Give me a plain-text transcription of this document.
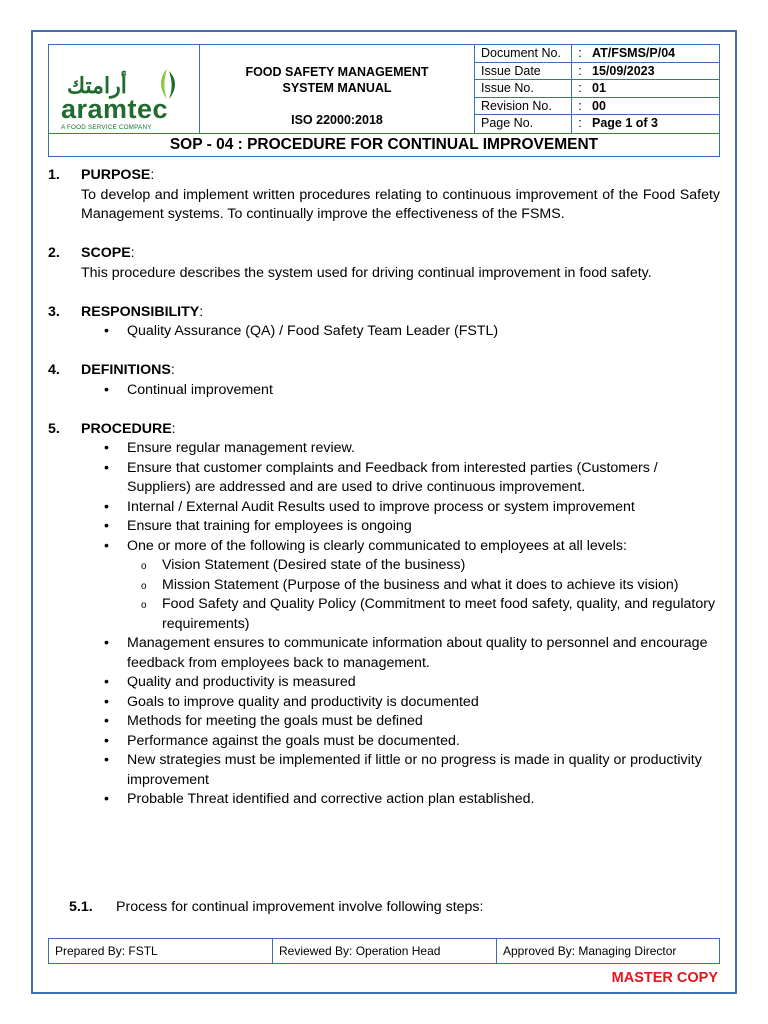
أرامتك
aramtec
A FOOD SERVICE COMPANY
FOOD SAFETY MANAGEMENT
SYSTEM MANUAL
ISO 22000:2018
Document No.	: AT/FSMS/P/04
Issue Date	: 15/09/2023
Issue No.	: 01
Revision No.	: 00
Page No.	: Page 1 of 3
SOP - 04 : PROCEDURE FOR CONTINUAL IMPROVEMENT
1. PURPOSE:
To develop and implement written procedures relating to continuous improvement of the Food Safety Management systems. To continually improve the effectiveness of the FSMS.
2. SCOPE:
This procedure describes the system used for driving continual improvement in food safety.
3. RESPONSIBILITY:
• Quality Assurance (QA) / Food Safety Team Leader (FSTL)
4. DEFINITIONS:
• Continual improvement
5. PROCEDURE:
• Ensure regular management review.
• Ensure that customer complaints and Feedback from interested parties (Customers / Suppliers) are addressed and are used to drive continuous improvement.
• Internal / External Audit Results used to improve process or system improvement
• Ensure that training for employees is ongoing
• One or more of the following is clearly communicated to employees at all levels:
o Vision Statement (Desired state of the business)
o Mission Statement (Purpose of the business and what it does to achieve its vision)
o Food Safety and Quality Policy (Commitment to meet food safety, quality, and regulatory requirements)
• Management ensures to communicate information about quality to personnel and encourage feedback from employees back to management.
• Quality and productivity is measured
• Goals to improve quality and productivity is documented
• Methods for meeting the goals must be defined
• Performance against the goals must be documented.
• New strategies must be implemented if little or no progress is made in quality or productivity improvement
• Probable Threat identified and corrective action plan established.
5.1. Process for continual improvement involve following steps:
Prepared By: FSTL	Reviewed By: Operation Head	Approved By: Managing Director
MASTER COPY
